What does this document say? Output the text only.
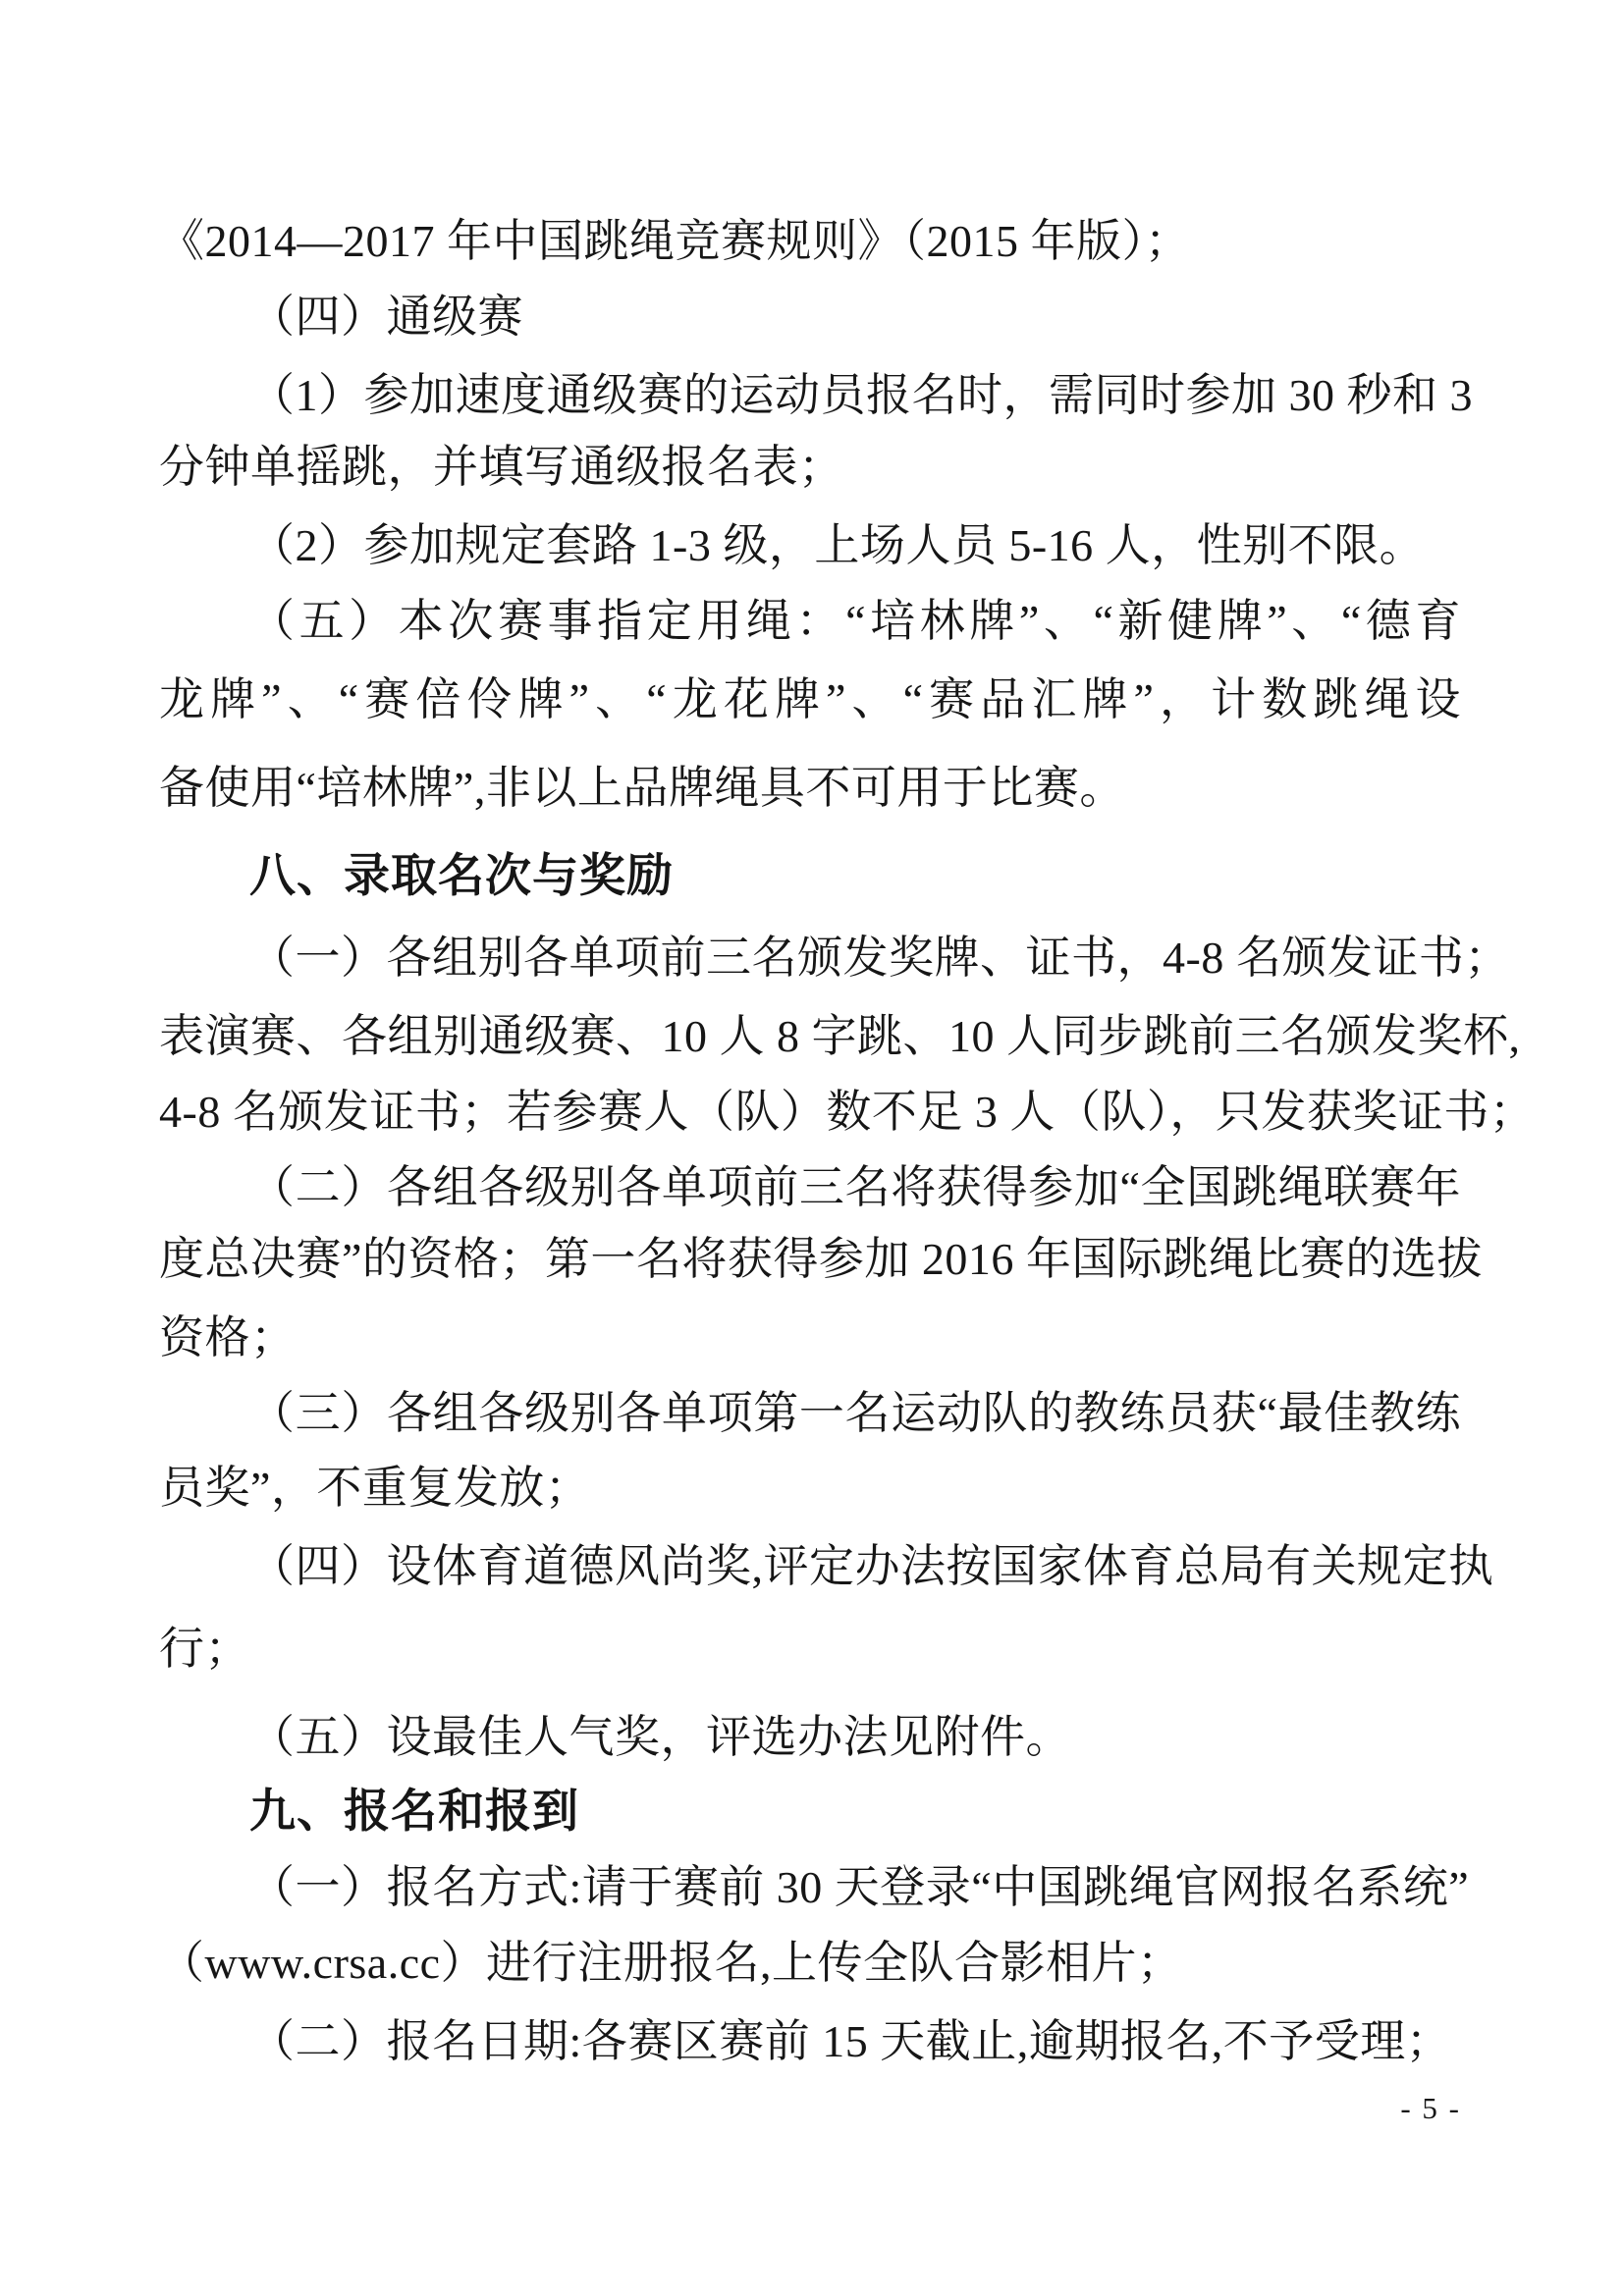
《2014—2017 年中国跳绳竞赛规则》（2015 年版）；
（四）通级赛
（1）参加速度通级赛的运动员报名时，需同时参加 30 秒和 3
分钟单摇跳，并填写通级报名表；
（2）参加规定套路 1-3 级，上场人员 5-16 人，性别不限。
（五）本次赛事指定用绳：“培林牌”、“新健牌”、“德育
龙牌”、“赛倍伶牌”、“龙花牌”、“赛品汇牌”，计数跳绳设
备使用“培林牌”,非以上品牌绳具不可用于比赛。
八、录取名次与奖励
（一）各组别各单项前三名颁发奖牌、证书，4-8 名颁发证书；
表演赛、各组别通级赛、10 人 8 字跳、10 人同步跳前三名颁发奖杯,
4-8 名颁发证书；若参赛人（队）数不足 3 人（队），只发获奖证书；
（二）各组各级别各单项前三名将获得参加“全国跳绳联赛年
度总决赛”的资格；第一名将获得参加 2016 年国际跳绳比赛的选拔
资格；
（三）各组各级别各单项第一名运动队的教练员获“最佳教练
员奖”，不重复发放；
（四）设体育道德风尚奖,评定办法按国家体育总局有关规定执
行；
（五）设最佳人气奖，评选办法见附件。
九、报名和报到
（一）报名方式:请于赛前 30 天登录“中国跳绳官网报名系统”
（www.crsa.cc）进行注册报名,上传全队合影相片；
（二）报名日期:各赛区赛前 15 天截止,逾期报名,不予受理；
- 5 -
